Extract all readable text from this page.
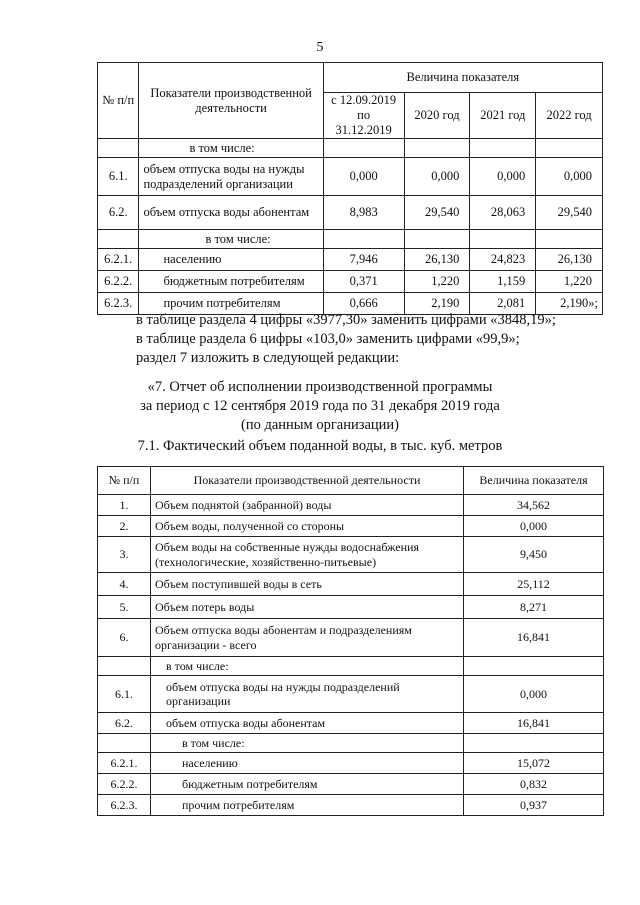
5
№ п/п	Показатели производственной деятельности	Величина показателя			
		с 12.09.2019 по 31.12.2019	2020 год	2021 год	2022 год
	в том числе:				
6.1.	объем отпуска воды на нужды подразделений организации	0,000	0,000	0,000	0,000
6.2.	объем отпуска воды абонентам	8,983	29,540	28,063	29,540
	в том числе:				
6.2.1.	населению	7,946	26,130	24,823	26,130
6.2.2.	бюджетным потребителям	0,371	1,220	1,159	1,220
6.2.3.	прочим потребителям	0,666	2,190	2,081	2,190»;
в таблице раздела 4 цифры «3977,30» заменить цифрами «3848,19»;
в таблице раздела 6 цифры «103,0» заменить цифрами «99,9»;
раздел 7 изложить в следующей редакции:
«7. Отчет об исполнении производственной программы
за период с 12 сентября 2019 года по 31 декабря 2019 года
(по данным организации)
7.1. Фактический объем поданной воды, в тыс. куб. метров
№ п/п	Показатели производственной деятельности	Величина показателя
1.	Объем поднятой (забранной) воды	34,562
2.	Объем воды, полученной со стороны	0,000
3.	Объем воды на собственные нужды водоснабжения (технологические, хозяйственно-питьевые)	9,450
4.	Объем поступившей воды в сеть	25,112
5.	Объем потерь воды	8,271
6.	Объем отпуска воды абонентам и подразделениям организации - всего	16,841
	в том числе:	
6.1.	объем отпуска воды на нужды подразделений организации	0,000
6.2.	объем отпуска воды абонентам	16,841
	в том числе:	
6.2.1.	населению	15,072
6.2.2.	бюджетным потребителям	0,832
6.2.3.	прочим потребителям	0,937
